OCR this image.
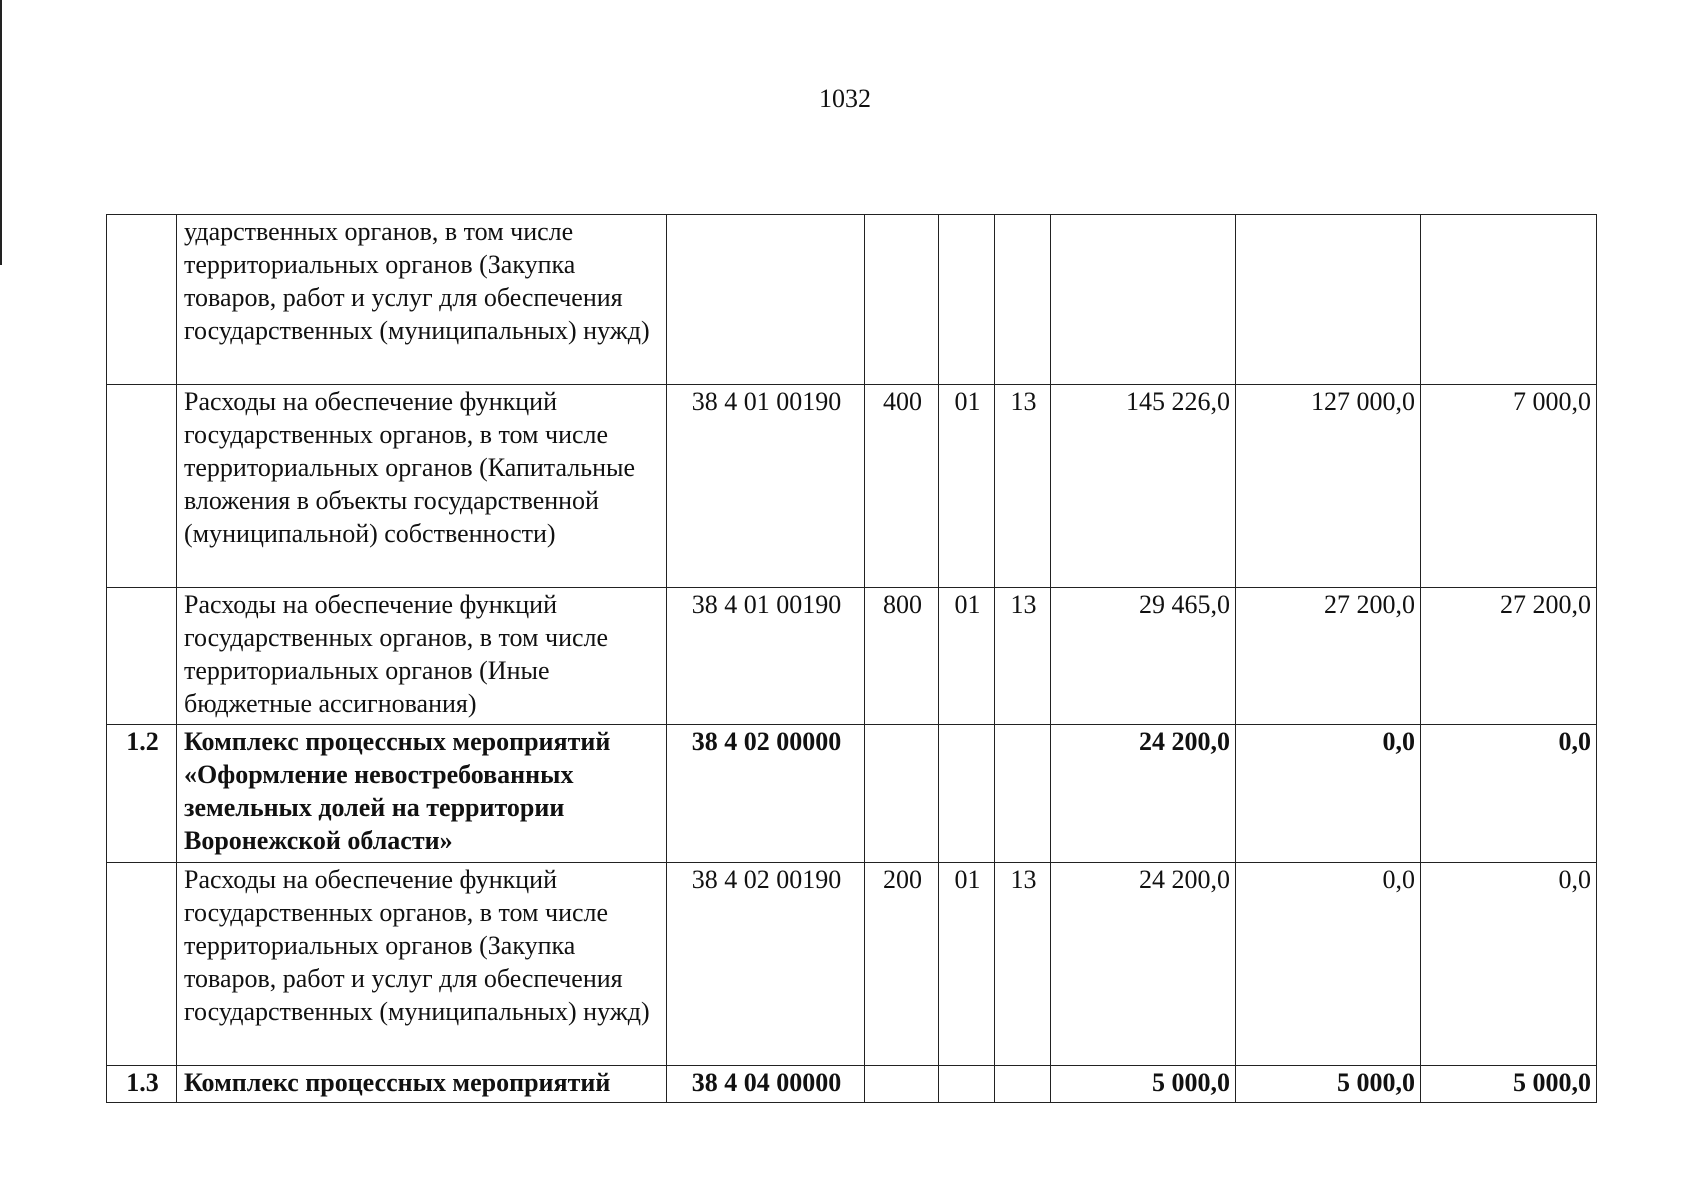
1032
	ударственных органов, в том числе территориальных органов (Закупка товаров, работ и услуг для обеспечения государственных (муниципальных) нужд)							
	Расходы на обеспечение функций государственных органов, в том числе территориальных органов (Капитальные вложения в объекты государственной (муниципальной) собственности)	38 4 01 00190	400	01	13	145 226,0	127 000,0	7 000,0
	Расходы на обеспечение функций государственных органов, в том числе территориальных органов (Иные бюджетные ассигнования)	38 4 01 00190	800	01	13	29 465,0	27 200,0	27 200,0
1.2	Комплекс процессных мероприятий «Оформление невостребованных земельных долей на территории Воронежской области»	38 4 02 00000				24 200,0	0,0	0,0
	Расходы на обеспечение функций государственных органов, в том числе территориальных органов (Закупка товаров, работ и услуг для обеспечения государственных (муниципальных) нужд)	38 4 02 00190	200	01	13	24 200,0	0,0	0,0
1.3	Комплекс процессных мероприятий	38 4 04 00000				5 000,0	5 000,0	5 000,0
